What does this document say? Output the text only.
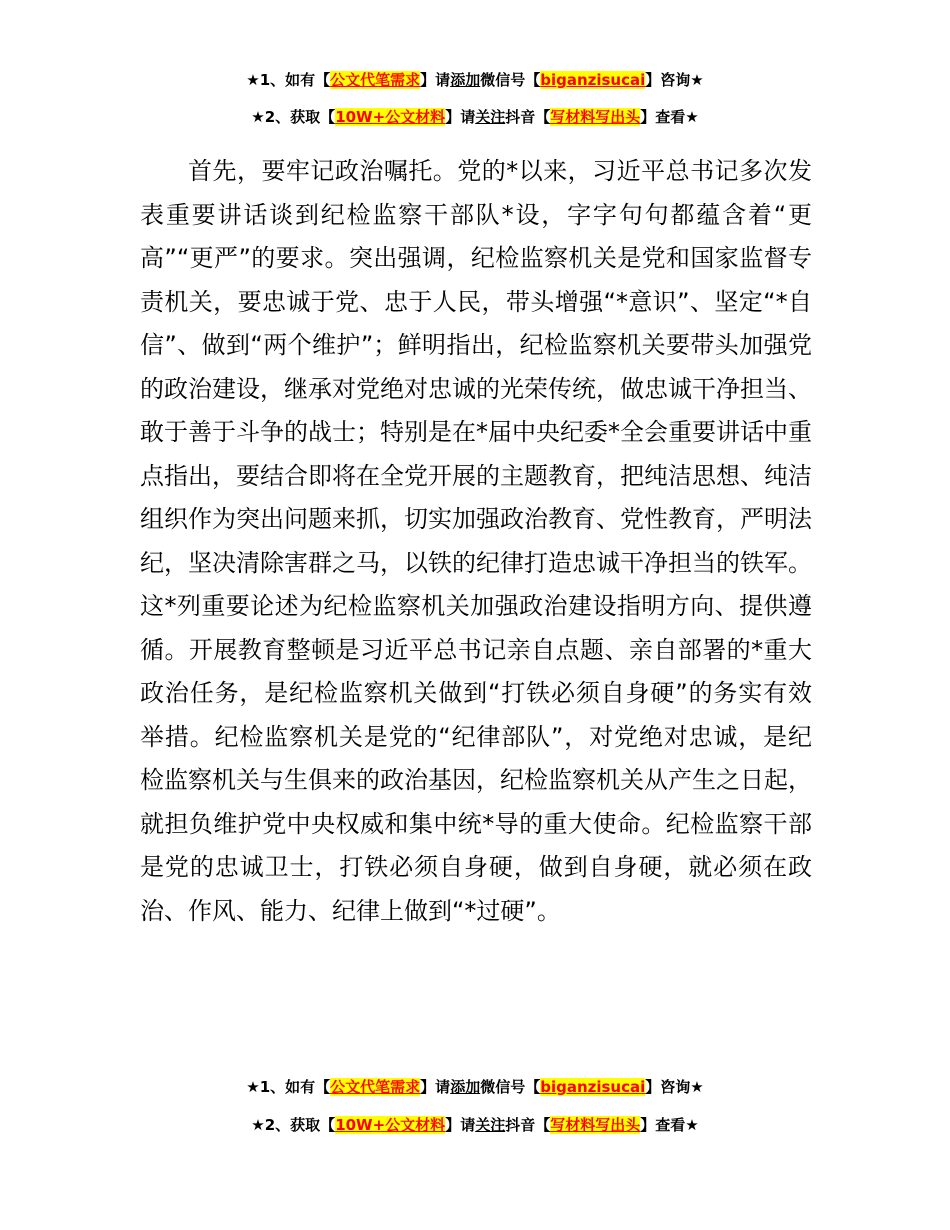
★1、如有【公文代笔需求】请添加微信号【biganzisucai】咨询★
★2、获取【10W+公文材料】请关注抖音【写材料写出头】查看★

首先，要牢记政治嘱托。党的*以来，习近平总书记多次发表重要讲话谈到纪检监察干部队*设，字字句句都蕴含着“更高”“更严”的要求。突出强调，纪检监察机关是党和国家监督专责机关，要忠诚于党、忠于人民，带头增强“*意识”、坚定“*自信”、做到“两个维护”；鲜明指出，纪检监察机关要带头加强党的政治建设，继承对党绝对忠诚的光荣传统，做忠诚干净担当、敢于善于斗争的战士；特别是在*届中央纪委*全会重要讲话中重点指出，要结合即将在全党开展的主题教育，把纯洁思想、纯洁组织作为突出问题来抓，切实加强政治教育、党性教育，严明法纪，坚决清除害群之马，以铁的纪律打造忠诚干净担当的铁军。这*列重要论述为纪检监察机关加强政治建设指明方向、提供遵循。开展教育整顿是习近平总书记亲自点题、亲自部署的*重大政治任务，是纪检监察机关做到“打铁必须自身硬”的务实有效举措。纪检监察机关是党的“纪律部队”，对党绝对忠诚，是纪检监察机关与生俱来的政治基因，纪检监察机关从产生之日起，就担负维护党中央权威和集中统*导的重大使命。纪检监察干部是党的忠诚卫士，打铁必须自身硬，做到自身硬，就必须在政治、作风、能力、纪律上做到“*过硬”。

★1、如有【公文代笔需求】请添加微信号【biganzisucai】咨询★
★2、获取【10W+公文材料】请关注抖音【写材料写出头】查看★
